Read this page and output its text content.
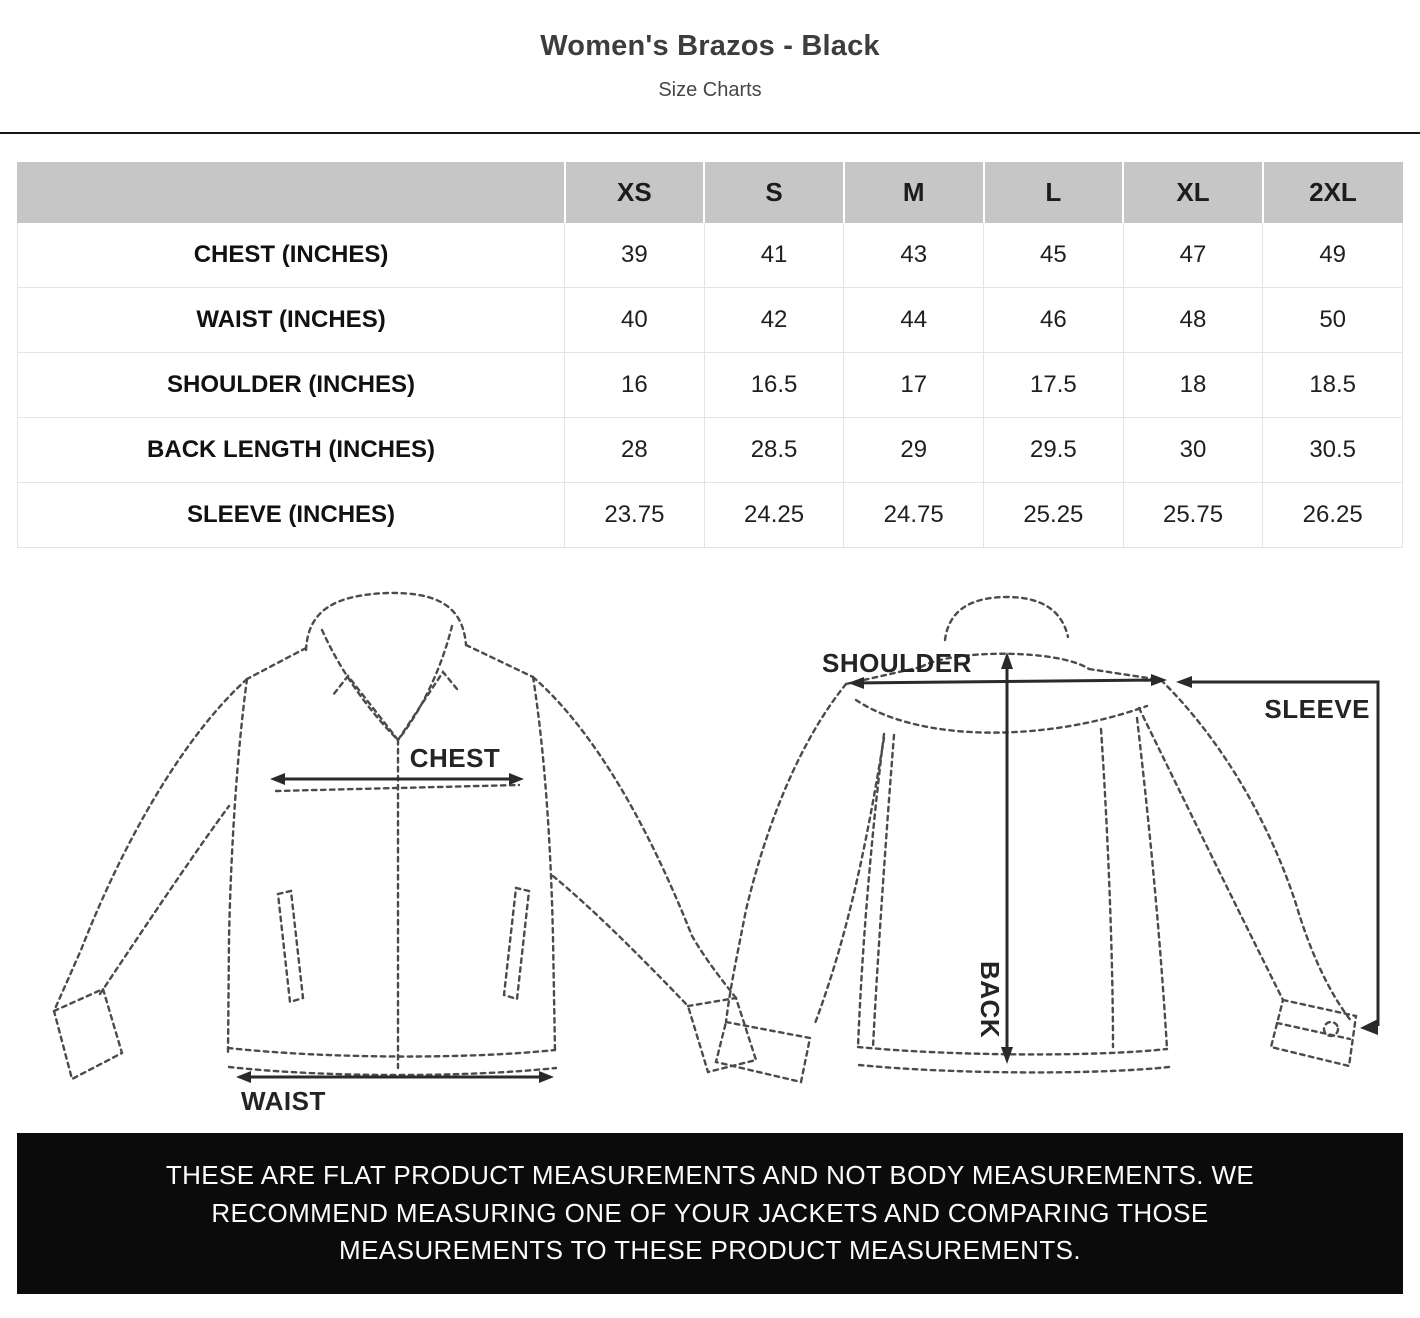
Women's Brazos - Black
Size Charts
	XS	S	M	L	XL	2XL
CHEST (INCHES)	39	41	43	45	47	49
WAIST (INCHES)	40	42	44	46	48	50
SHOULDER (INCHES)	16	16.5	17	17.5	18	18.5
BACK LENGTH (INCHES)	28	28.5	29	29.5	30	30.5
SLEEVE (INCHES)	23.75	24.25	24.75	25.25	25.75	26.25
CHEST
WAIST
SHOULDER
BACK
SLEEVE
THESE ARE FLAT PRODUCT MEASUREMENTS AND NOT BODY MEASUREMENTS. WE RECOMMEND MEASURING ONE OF YOUR JACKETS AND COMPARING THOSE MEASUREMENTS TO THESE PRODUCT MEASUREMENTS.
